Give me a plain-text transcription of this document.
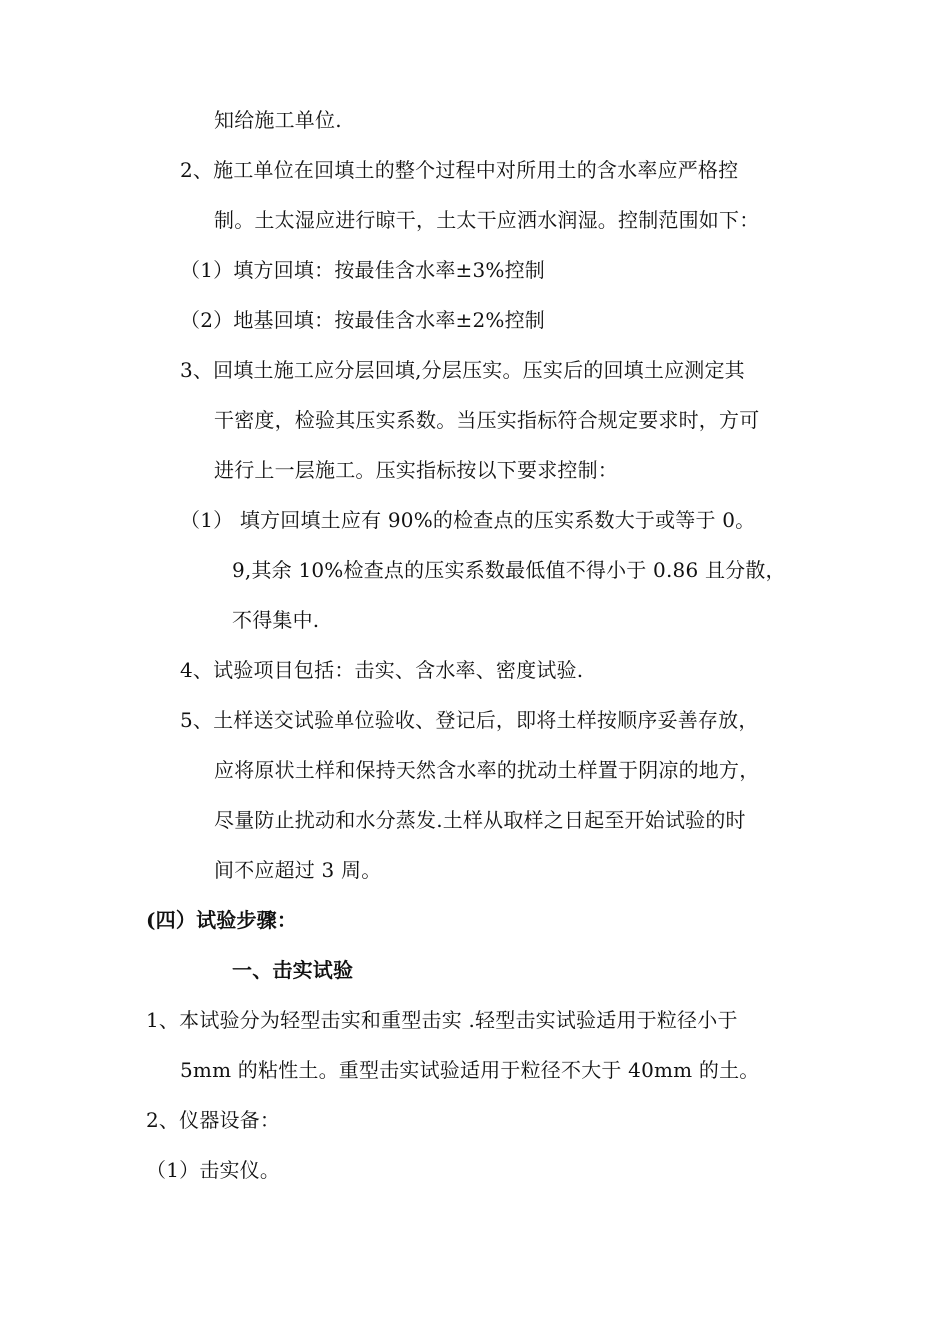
知给施工单位.
2、施工单位在回填土的整个过程中对所用土的含水率应严格控
制。土太湿应进行晾干，土太干应洒水润湿。控制范围如下：
（1）填方回填：按最佳含水率±3%控制
（2）地基回填：按最佳含水率±2%控制
3、回填土施工应分层回填,分层压实。压实后的回填土应测定其
干密度，检验其压实系数。当压实指标符合规定要求时，方可
进行上一层施工。压实指标按以下要求控制：
（1） 填方回填土应有 90%的检查点的压实系数大于或等于 0。
9,其余 10%检查点的压实系数最低值不得小于 0.86 且分散，
不得集中.
4、试验项目包括：击实、含水率、密度试验.
5、土样送交试验单位验收、登记后，即将土样按顺序妥善存放，
应将原状土样和保持天然含水率的扰动土样置于阴凉的地方，
尽量防止扰动和水分蒸发.土样从取样之日起至开始试验的时
间不应超过 3 周。
(四）试验步骤：
一、击实试验
1、本试验分为轻型击实和重型击实 .轻型击实试验适用于粒径小于
5mm 的粘性土。重型击实试验适用于粒径不大于 40mm 的土。
2、仪器设备：
（1）击实仪。
